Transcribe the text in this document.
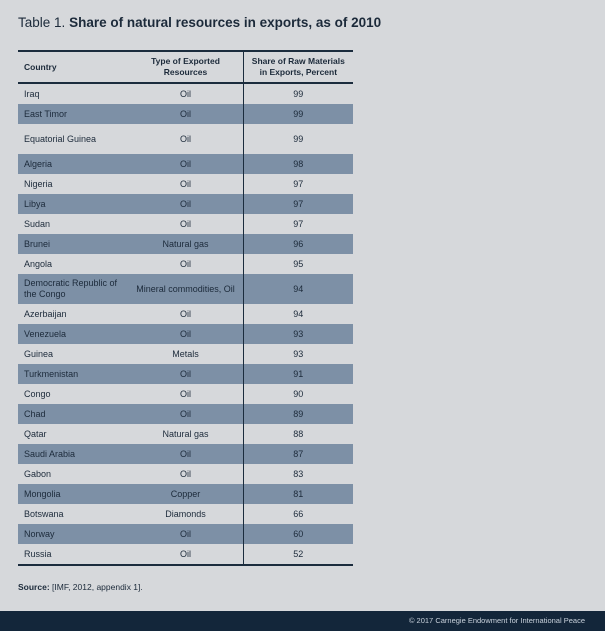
Table 1. Share of natural resources in exports, as of 2010
Country	Type of Exported Resources	Share of Raw Materials in Exports, Percent
Iraq	Oil	99
East Timor	Oil	99
Equatorial Guinea	Oil	99
Algeria	Oil	98
Nigeria	Oil	97
Libya	Oil	97
Sudan	Oil	97
Brunei	Natural gas	96
Angola	Oil	95
Democratic Republic of the Congo	Mineral commodities, Oil	94
Azerbaijan	Oil	94
Venezuela	Oil	93
Guinea	Metals	93
Turkmenistan	Oil	91
Congo	Oil	90
Chad	Oil	89
Qatar	Natural gas	88
Saudi Arabia	Oil	87
Gabon	Oil	83
Mongolia	Copper	81
Botswana	Diamonds	66
Norway	Oil	60
Russia	Oil	52
Source: [IMF, 2012, appendix 1].
© 2017 Carnegie Endowment for International Peace
